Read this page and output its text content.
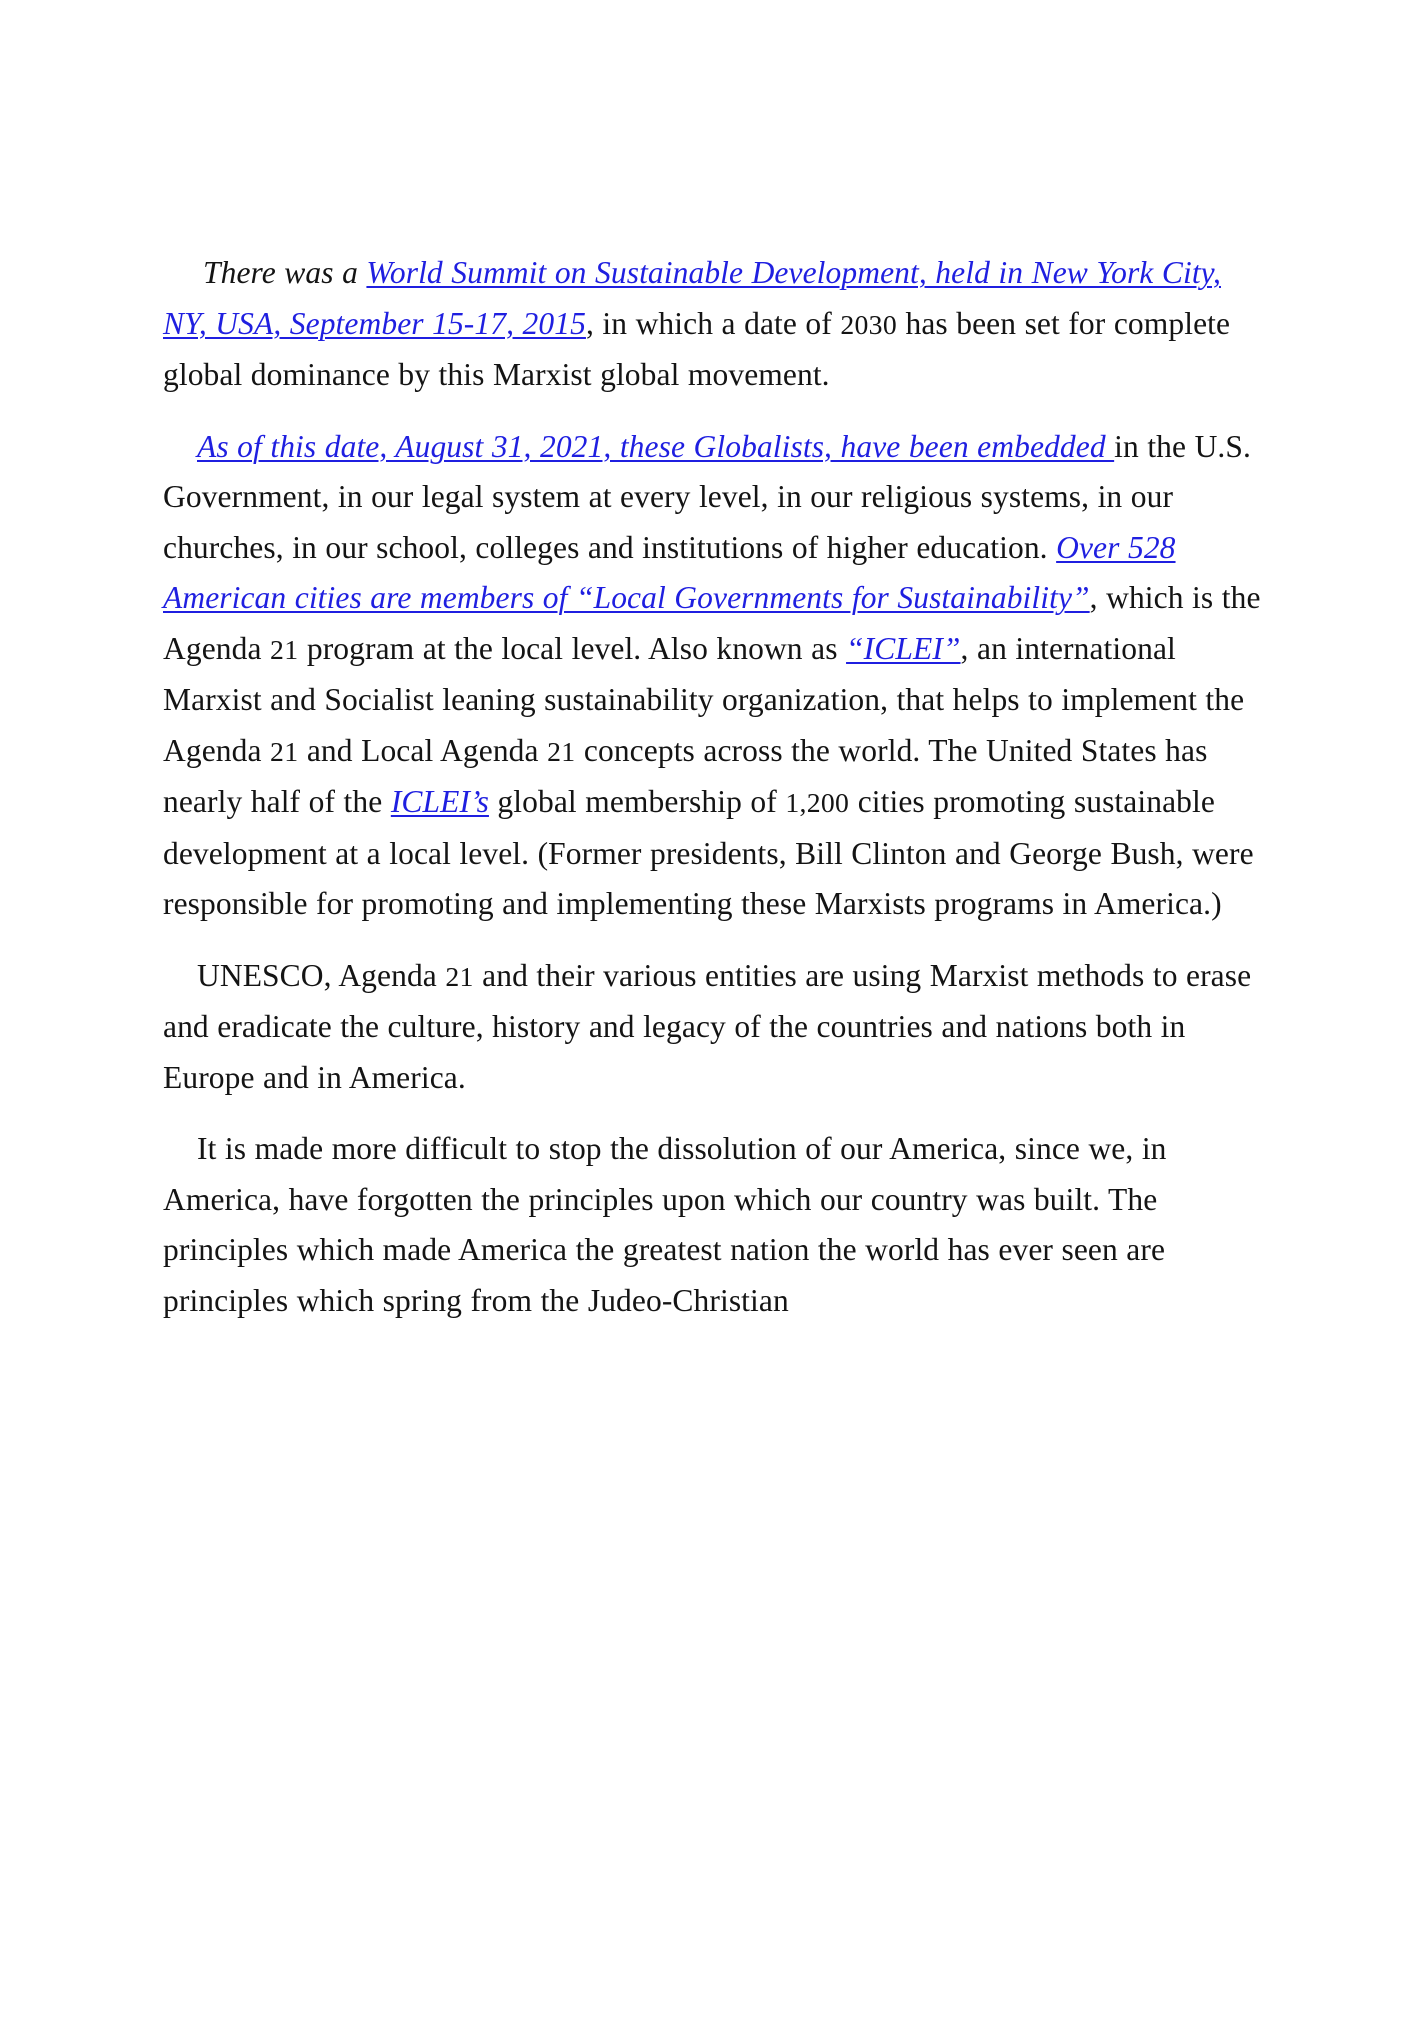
There was a World Summit on Sustainable Development, held in New York City, NY, USA, September 15-17, 2015, in which a date of 2030 has been set for complete global dominance by this Marxist global movement.

As of this date, August 31, 2021, these Globalists, have been embedded in the U.S. Government, in our legal system at every level, in our religious systems, in our churches, in our school, colleges and institutions of higher education. Over 528 American cities are members of “Local Governments for Sustainability”, which is the Agenda 21 program at the local level. Also known as “ICLEI”, an international Marxist and Socialist leaning sustainability organization, that helps to implement the Agenda 21 and Local Agenda 21 concepts across the world. The United States has nearly half of the ICLEI’s global membership of 1,200 cities promoting sustainable development at a local level. (Former presidents, Bill Clinton and George Bush, were responsible for promoting and implementing these Marxists programs in America.)

UNESCO, Agenda 21 and their various entities are using Marxist methods to erase and eradicate the culture, history and legacy of the countries and nations both in Europe and in America.

It is made more difficult to stop the dissolution of our America, since we, in America, have forgotten the principles upon which our country was built. The principles which made America the greatest nation the world has ever seen are principles which spring from the Judeo-Christian
